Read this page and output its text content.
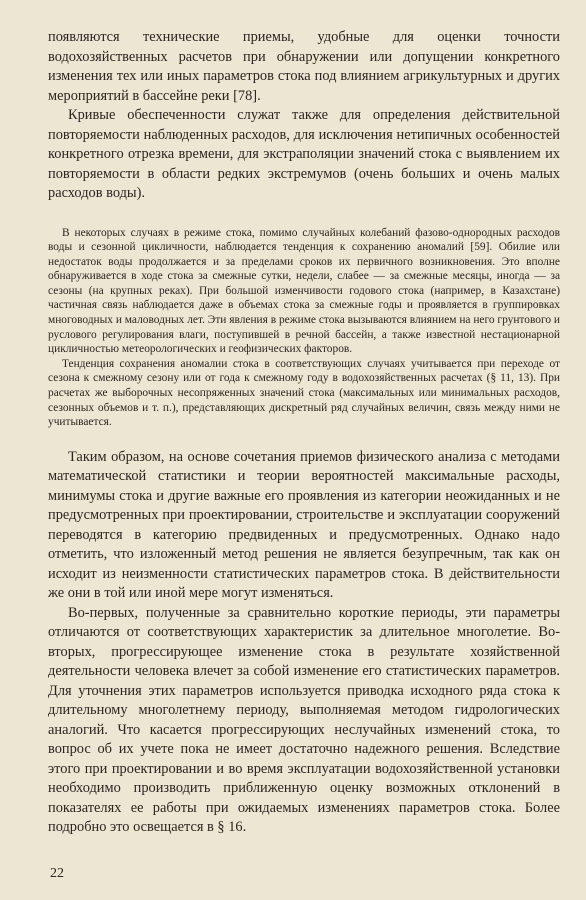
появляются технические приемы, удобные для оценки точности водохозяйственных расчетов при обнаружении или допущении конкретного изменения тех или иных параметров стока под влиянием агрикультурных и других мероприятий в бассейне реки [78].

Кривые обеспеченности служат также для определения действительной повторяемости наблюденных расходов, для исключения нетипичных особенностей конкретного отрезка времени, для экстраполяции значений стока с выявлением их повторяемости в области редких экстремумов (очень больших и очень малых расходов воды).

В некоторых случаях в режиме стока, помимо случайных колебаний фазово-однородных расходов воды и сезонной цикличности, наблюдается тенденция к сохранению аномалий [59]. Обилие или недостаток воды продолжается и за пределами сроков их первичного возникновения. Это вполне обнаруживается в ходе стока за смежные сутки, недели, слабее — за смежные месяцы, иногда — за сезоны (на крупных реках). При большой изменчивости годового стока (например, в Казахстане) частичная связь наблюдается даже в объемах стока за смежные годы и проявляется в группировках многоводных и маловодных лет. Эти явления в режиме стока вызываются влиянием на него грунтового и руслового регулирования влаги, поступившей в речной бассейн, а также известной нестационарной цикличностью метеорологических и геофизических факторов.

Тенденция сохранения аномалии стока в соответствующих случаях учитывается при переходе от сезона к смежному сезону или от года к смежному году в водохозяйственных расчетах (§ 11, 13). При расчетах же выборочных несопряженных значений стока (максимальных или минимальных расходов, сезонных объемов и т. п.), представляющих дискретный ряд случайных величин, связь между ними не учитывается.

Таким образом, на основе сочетания приемов физического анализа с методами математической статистики и теории вероятностей максимальные расходы, минимумы стока и другие важные его проявления из категории неожиданных и не предусмотренных при проектировании, строительстве и эксплуатации сооружений переводятся в категорию предвиденных и предусмотренных. Однако надо отметить, что изложенный метод решения не является безупречным, так как он исходит из неизменности статистических параметров стока. В действительности же они в той или иной мере могут изменяться.

Во-первых, полученные за сравнительно короткие периоды, эти параметры отличаются от соответствующих характеристик за длительное многолетие. Во-вторых, прогрессирующее изменение стока в результате хозяйственной деятельности человека влечет за собой изменение его статистических параметров. Для уточнения этих параметров используется приводка исходного ряда стока к длительному многолетнему периоду, выполняемая методом гидрологических аналогий. Что касается прогрессирующих неслучайных изменений стока, то вопрос об их учете пока не имеет достаточно надежного решения. Вследствие этого при проектировании и во время эксплуатации водохозяйственной установки необходимо производить приближенную оценку возможных отклонений в показателях ее работы при ожидаемых изменениях параметров стока. Более подробно это освещается в § 16.

22
